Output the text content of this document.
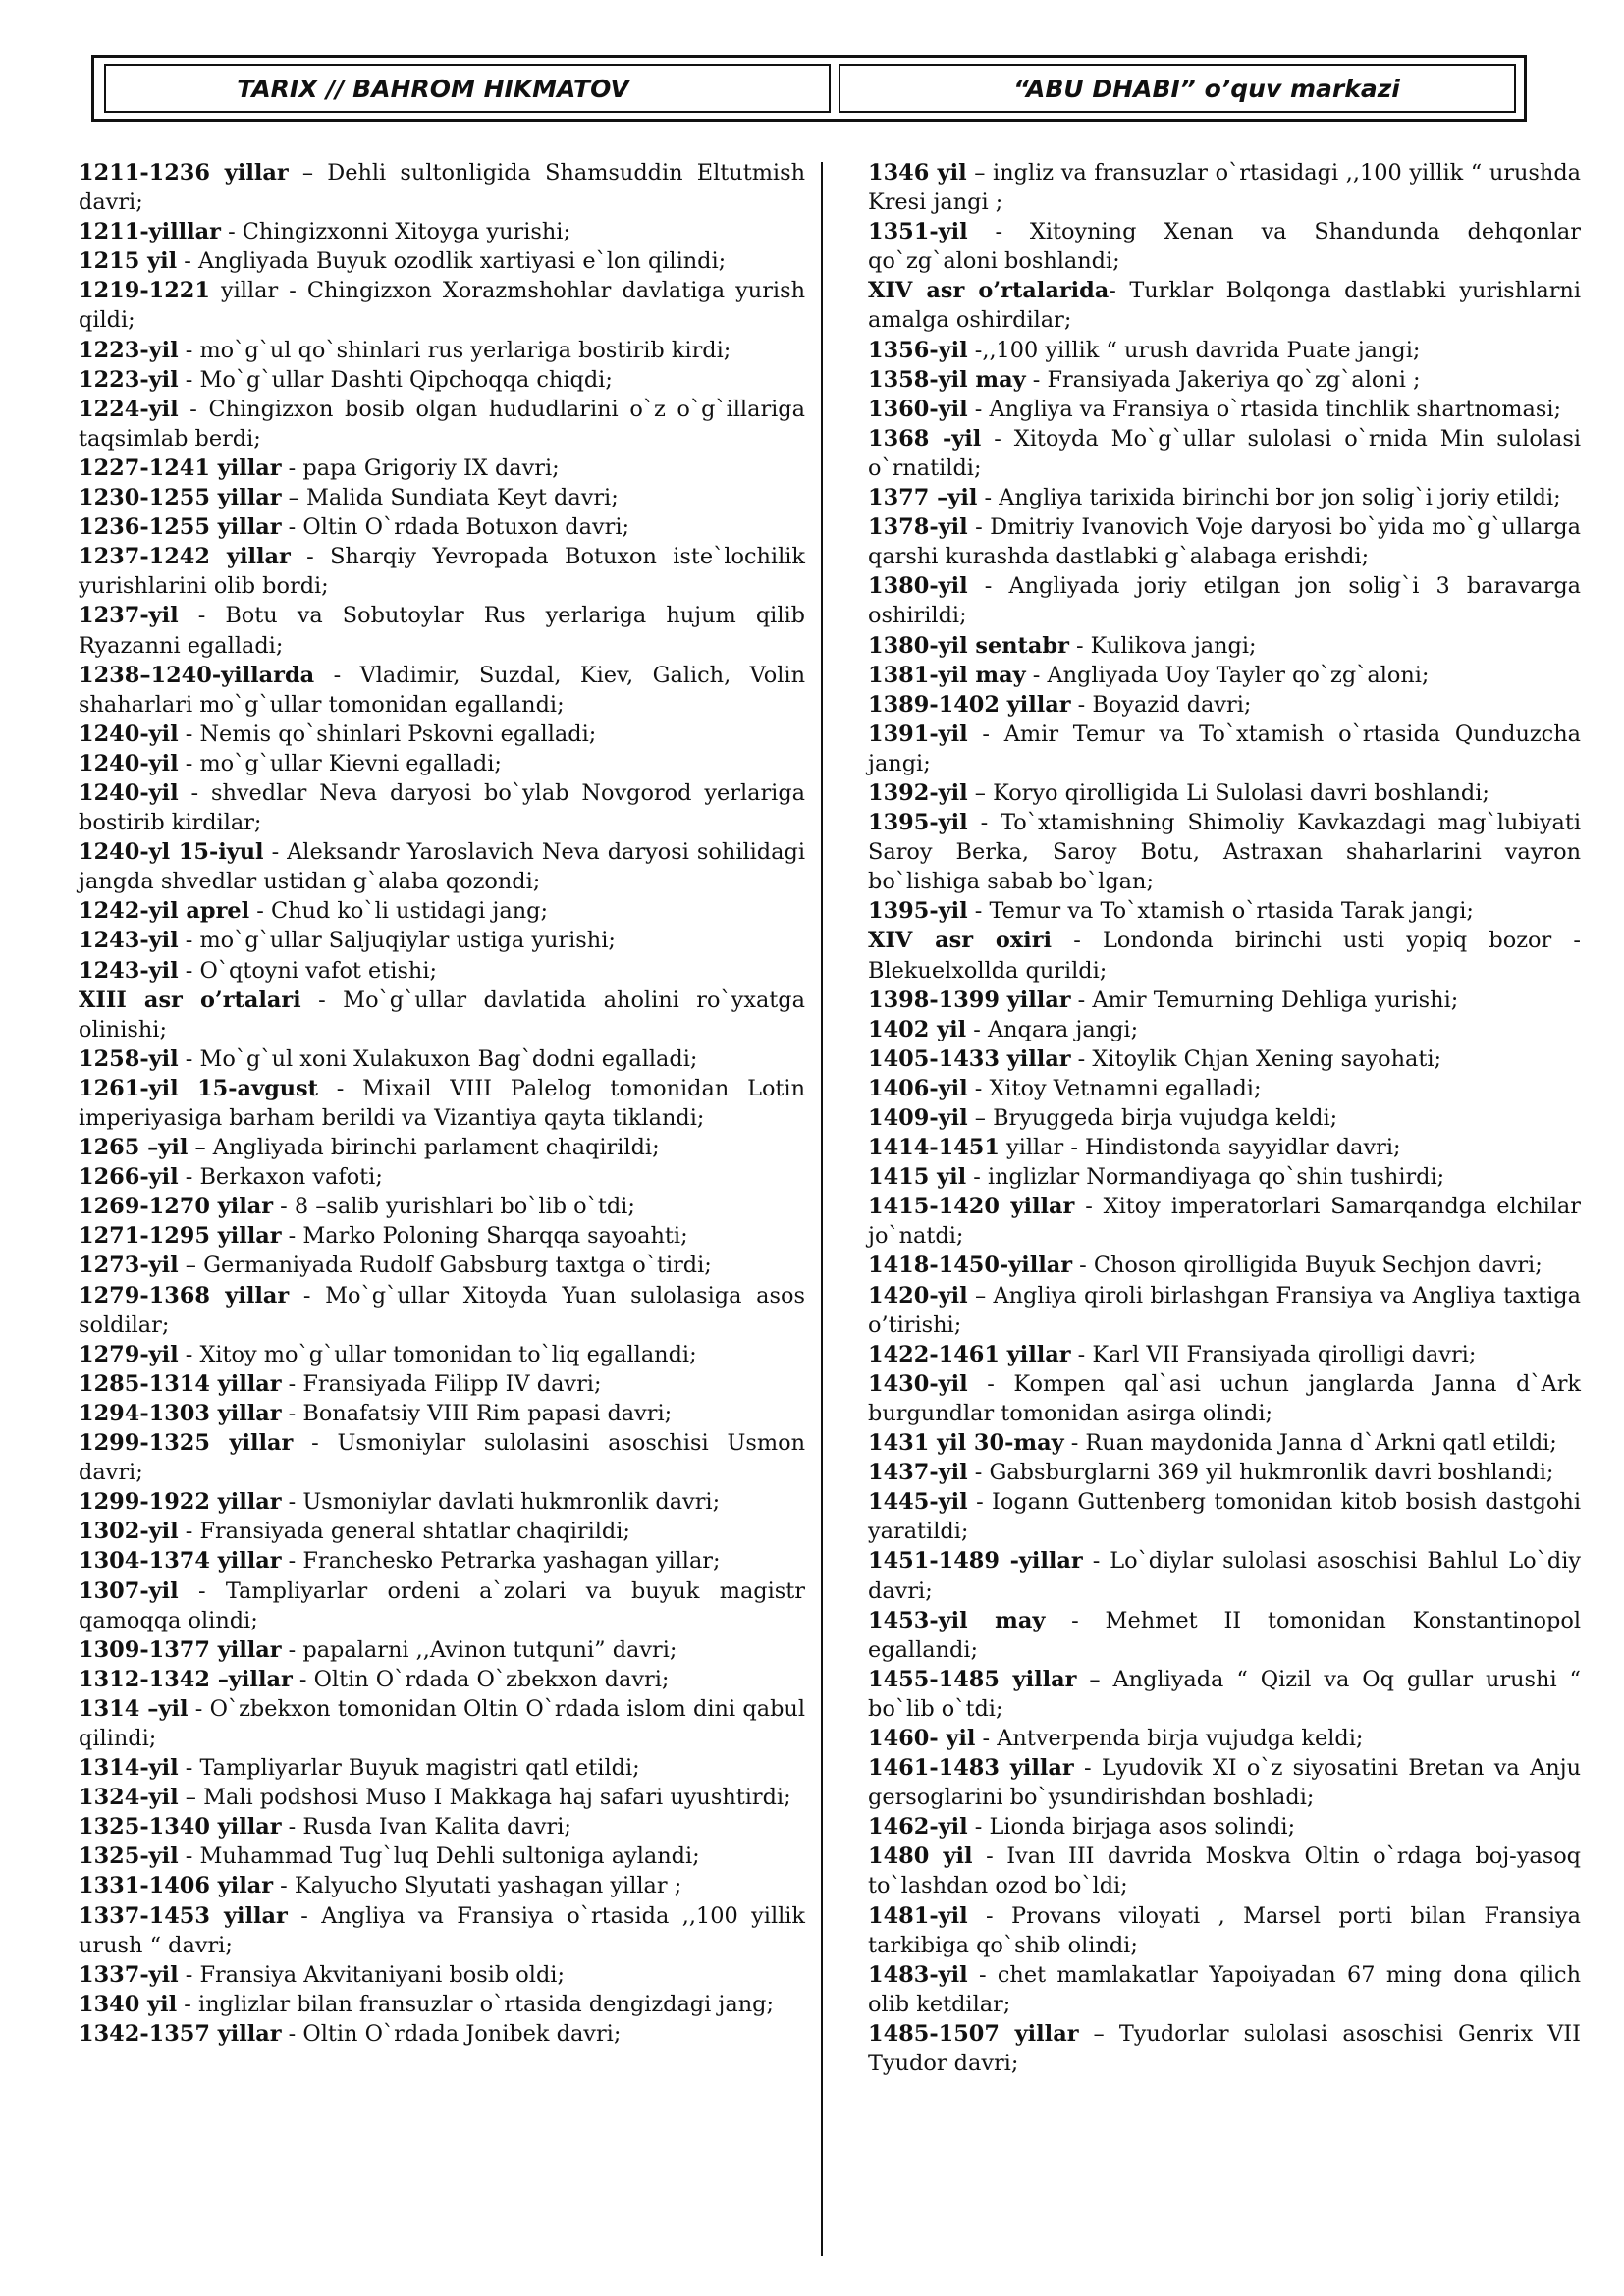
TARIX // BAHROM HIKMATOV	“ABU DHABI” o’quv markazi

1211-1236 yillar – Dehli sultonligida Shamsuddin Eltutmish davri;

1211-yilllar - Chingizxonni Xitoyga yurishi;

1215 yil - Angliyada Buyuk ozodlik xartiyasi e`lon qilindi;

1219-1221 yillar - Chingizxon Xorazmshohlar davlatiga yurish qildi;

1223-yil - mo`g`ul qo`shinlari rus yerlariga bostirib kirdi;

1223-yil - Mo`g`ullar Dashti Qipchoqqa chiqdi;

1224-yil - Chingizxon bosib olgan hududlarini o`z o`g`illariga taqsimlab berdi;

1227-1241 yillar - papa Grigoriy IX davri;

1230-1255 yillar – Malida Sundiata Keyt davri;

1236-1255 yillar - Oltin O`rdada Botuxon davri;

1237-1242 yillar - Sharqiy Yevropada Botuxon iste`lochilik yurishlarini olib bordi;

1237-yil - Botu va Sobutoylar Rus yerlariga hujum qilib Ryazanni egalladi;

1238–1240-yillarda - Vladimir, Suzdal, Kiev, Galich, Volin shaharlari mo`g`ullar tomonidan egallandi;

1240-yil - Nemis qo`shinlari Pskovni egalladi;

1240-yil - mo`g`ullar Kievni egalladi;

1240-yil - shvedlar Neva daryosi bo`ylab Novgorod yerlariga bostirib kirdilar;

1240-yl 15-iyul - Aleksandr Yaroslavich Neva daryosi sohilidagi jangda shvedlar ustidan g`alaba qozondi;

1242-yil aprel - Chud ko`li ustidagi jang;

1243-yil - mo`g`ullar Saljuqiylar ustiga yurishi;

1243-yil - O`qtoyni vafot etishi;

XIII asr o’rtalari - Mo`g`ullar davlatida aholini ro`yxatga olinishi;

1258-yil - Mo`g`ul xoni Xulakuxon Bag`dodni egalladi;

1261-yil 15-avgust - Mixail VIII Palelog tomonidan Lotin imperiyasiga barham berildi va Vizantiya qayta tiklandi;

1265 –yil – Angliyada birinchi parlament chaqirildi;

1266-yil - Berkaxon vafoti;

1269-1270 yilar - 8 –salib yurishlari bo`lib o`tdi;

1271-1295 yillar - Marko Poloning Sharqqa sayoahti;

1273-yil – Germaniyada Rudolf Gabsburg taxtga o`tirdi;

1279-1368 yillar - Mo`g`ullar Xitoyda Yuan sulolasiga asos soldilar;

1279-yil - Xitoy mo`g`ullar tomonidan to`liq egallandi;

1285-1314 yillar - Fransiyada Filipp IV davri;

1294-1303 yillar - Bonafatsiy VIII Rim papasi davri;

1299-1325 yillar - Usmoniylar sulolasini asoschisi Usmon davri;

1299-1922 yillar - Usmoniylar davlati hukmronlik davri;

1302-yil - Fransiyada general shtatlar chaqirildi;

1304-1374 yillar - Franchesko Petrarka yashagan yillar;

1307-yil - Tampliyarlar ordeni a`zolari va buyuk magistr qamoqqa olindi;

1309-1377 yillar - papalarni ,,Avinon tutquni” davri;

1312-1342 –yillar - Oltin O`rdada O`zbekxon davri;

1314 –yil - O`zbekxon tomonidan Oltin O`rdada islom dini qabul qilindi;

1314-yil - Tampliyarlar Buyuk magistri qatl etildi;

1324-yil – Mali podshosi Muso I Makkaga haj safari uyushtirdi;

1325-1340 yillar - Rusda Ivan Kalita davri;

1325-yil - Muhammad Tug`luq Dehli sultoniga aylandi;

1331-1406 yilar - Kalyucho Slyutati yashagan yillar ;

1337-1453 yillar - Angliya va Fransiya o`rtasida ,,100 yillik urush “ davri;

1337-yil - Fransiya Akvitaniyani bosib oldi;

1340 yil - inglizlar bilan fransuzlar o`rtasida dengizdagi jang;

1342-1357 yillar - Oltin O`rdada Jonibek davri;

1346 yil – ingliz va fransuzlar o`rtasidagi ,,100 yillik “ urushda Kresi jangi ;

1351-yil - Xitoyning Xenan va Shandunda dehqonlar qo`zg`aloni boshlandi;

XIV asr o’rtalarida- Turklar Bolqonga dastlabki yurishlarni amalga oshirdilar;

1356-yil -,,100 yillik “ urush davrida Puate jangi;

1358-yil may - Fransiyada Jakeriya qo`zg`aloni ;

1360-yil - Angliya va Fransiya o`rtasida tinchlik shartnomasi;

1368 -yil - Xitoyda Mo`g`ullar sulolasi o`rnida Min sulolasi o`rnatildi;

1377 –yil - Angliya tarixida birinchi bor jon solig`i joriy etildi;

1378-yil - Dmitriy Ivanovich Voje daryosi bo`yida mo`g`ullarga qarshi kurashda dastlabki g`alabaga erishdi;

1380-yil - Angliyada joriy etilgan jon solig`i 3 baravarga oshirildi;

1380-yil sentabr - Kulikova jangi;

1381-yil may - Angliyada Uoy Tayler qo`zg`aloni;

1389-1402 yillar - Boyazid davri;

1391-yil - Amir Temur va To`xtamish o`rtasida Qunduzcha jangi;

1392-yil – Koryo qirolligida Li Sulolasi davri boshlandi;

1395-yil - To`xtamishning Shimoliy Kavkazdagi mag`lubiyati Saroy Berka, Saroy Botu, Astraxan shaharlarini vayron bo`lishiga sabab bo`lgan;

1395-yil - Temur va To`xtamish o`rtasida Tarak jangi;

XIV asr oxiri - Londonda birinchi usti yopiq bozor - Blekuelxollda qurildi;

1398-1399 yillar - Amir Temurning Dehliga yurishi;

1402 yil - Anqara jangi;

1405-1433 yillar - Xitoylik Chjan Xening sayohati;

1406-yil - Xitoy Vetnamni egalladi;

1409-yil – Bryuggeda birja vujudga keldi;

1414-1451 yillar - Hindistonda sayyidlar davri;

1415 yil - inglizlar Normandiyaga qo`shin tushirdi;

1415-1420 yillar - Xitoy imperatorlari Samarqandga elchilar jo`natdi;

1418-1450-yillar - Choson qirolligida Buyuk Sechjon davri;

1420-yil – Angliya qiroli birlashgan Fransiya va Angliya taxtiga o’tirishi;

1422-1461 yillar - Karl VII Fransiyada qirolligi davri;

1430-yil - Kompen qal`asi uchun janglarda Janna d`Ark burgundlar tomonidan asirga olindi;

1431 yil 30-may - Ruan maydonida Janna d`Arkni qatl etildi;

1437-yil - Gabsburglarni 369 yil hukmronlik davri boshlandi;

1445-yil - Iogann Guttenberg tomonidan kitob bosish dastgohi yaratildi;

1451-1489 -yillar - Lo`diylar sulolasi asoschisi Bahlul Lo`diy davri;

1453-yil may - Mehmet II tomonidan Konstantinopol egallandi;

1455-1485 yillar – Angliyada “ Qizil va Oq gullar urushi “ bo`lib o`tdi;

1460- yil - Antverpenda birja vujudga keldi;

1461-1483 yillar - Lyudovik XI o`z siyosatini Bretan va Anju gersoglarini bo`ysundirishdan boshladi;

1462-yil - Lionda birjaga asos solindi;

1480 yil - Ivan III davrida Moskva Oltin o`rdaga boj-yasoq to`lashdan ozod bo`ldi;

1481-yil - Provans viloyati , Marsel porti bilan Fransiya tarkibiga qo`shib olindi;

1483-yil - chet mamlakatlar Yapoiyadan 67 ming dona qilich olib ketdilar;

1485-1507 yillar – Tyudorlar sulolasi asoschisi Genrix VII Tyudor davri;
